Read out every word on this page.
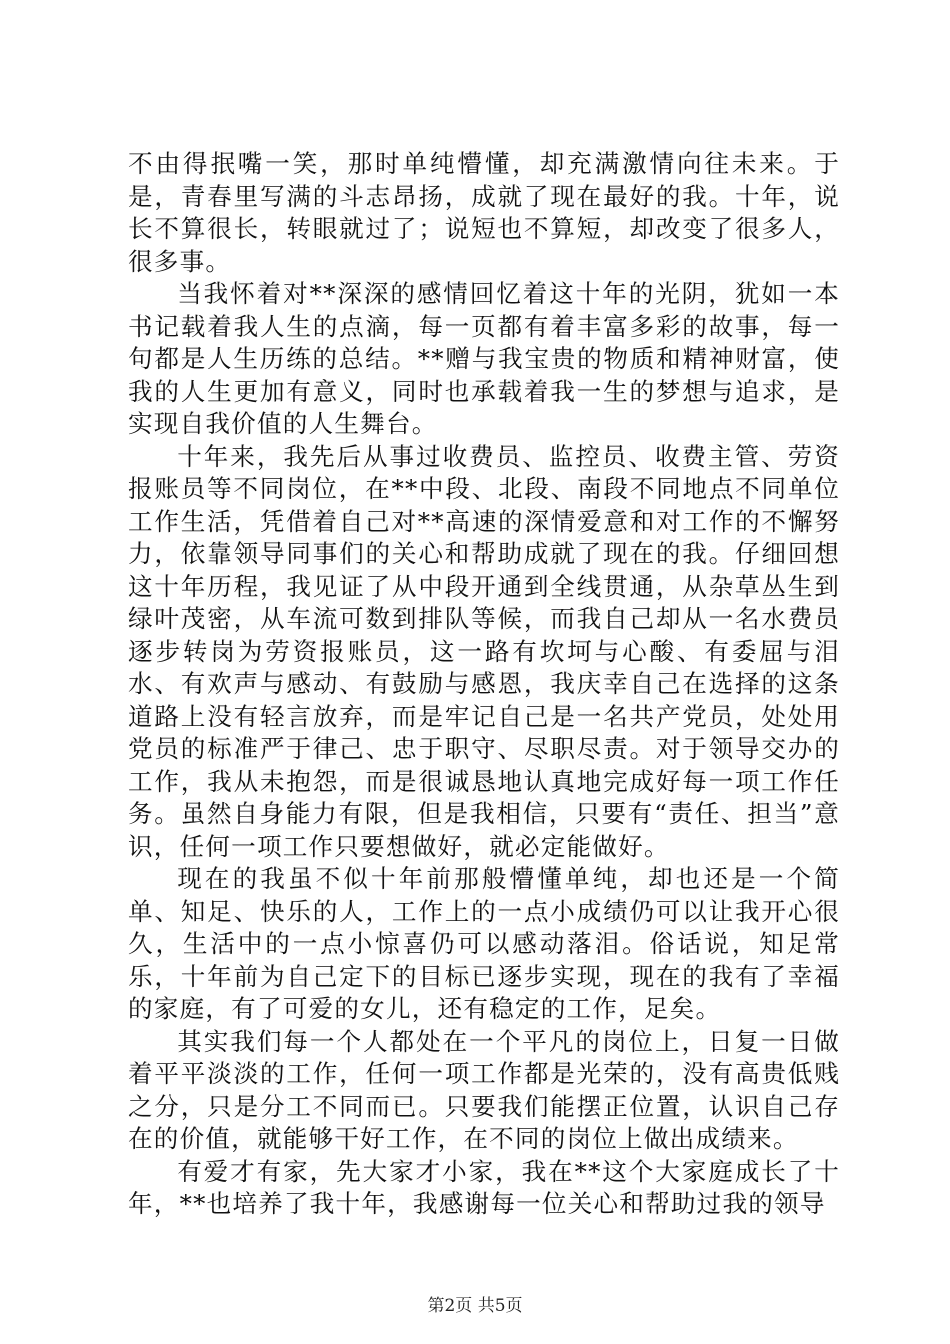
不由得抿嘴一笑，那时单纯懵懂，却充满激情向往未来。于是，青春里写满的斗志昂扬，成就了现在最好的我。十年，说长不算很长，转眼就过了；说短也不算短，却改变了很多人，很多事。

当我怀着对**深深的感情回忆着这十年的光阴，犹如一本书记载着我人生的点滴，每一页都有着丰富多彩的故事，每一句都是人生历练的总结。**赠与我宝贵的物质和精神财富，使我的人生更加有意义，同时也承载着我一生的梦想与追求，是实现自我价值的人生舞台。

十年来，我先后从事过收费员、监控员、收费主管、劳资报账员等不同岗位，在**中段、北段、南段不同地点不同单位工作生活，凭借着自己对**高速的深情爱意和对工作的不懈努力，依靠领导同事们的关心和帮助成就了现在的我。仔细回想这十年历程，我见证了从中段开通到全线贯通，从杂草丛生到绿叶茂密，从车流可数到排队等候，而我自己却从一名水费员逐步转岗为劳资报账员，这一路有坎坷与心酸、有委屈与泪水、有欢声与感动、有鼓励与感恩，我庆幸自己在选择的这条道路上没有轻言放弃，而是牢记自己是一名共产党员，处处用党员的标准严于律己、忠于职守、尽职尽责。对于领导交办的工作，我从未抱怨，而是很诚恳地认真地完成好每一项工作任务。虽然自身能力有限，但是我相信，只要有“责任、担当”意识，任何一项工作只要想做好，就必定能做好。

现在的我虽不似十年前那般懵懂单纯，却也还是一个简单、知足、快乐的人，工作上的一点小成绩仍可以让我开心很久，生活中的一点小惊喜仍可以感动落泪。俗话说，知足常乐，十年前为自己定下的目标已逐步实现，现在的我有了幸福的家庭，有了可爱的女儿，还有稳定的工作，足矣。

其实我们每一个人都处在一个平凡的岗位上，日复一日做着平平淡淡的工作，任何一项工作都是光荣的，没有高贵低贱之分，只是分工不同而已。只要我们能摆正位置，认识自己存在的价值，就能够干好工作，在不同的岗位上做出成绩来。

有爱才有家，先大家才小家，我在**这个大家庭成长了十年，**也培养了我十年，我感谢每一位关心和帮助过我的领导

第2页 共5页
